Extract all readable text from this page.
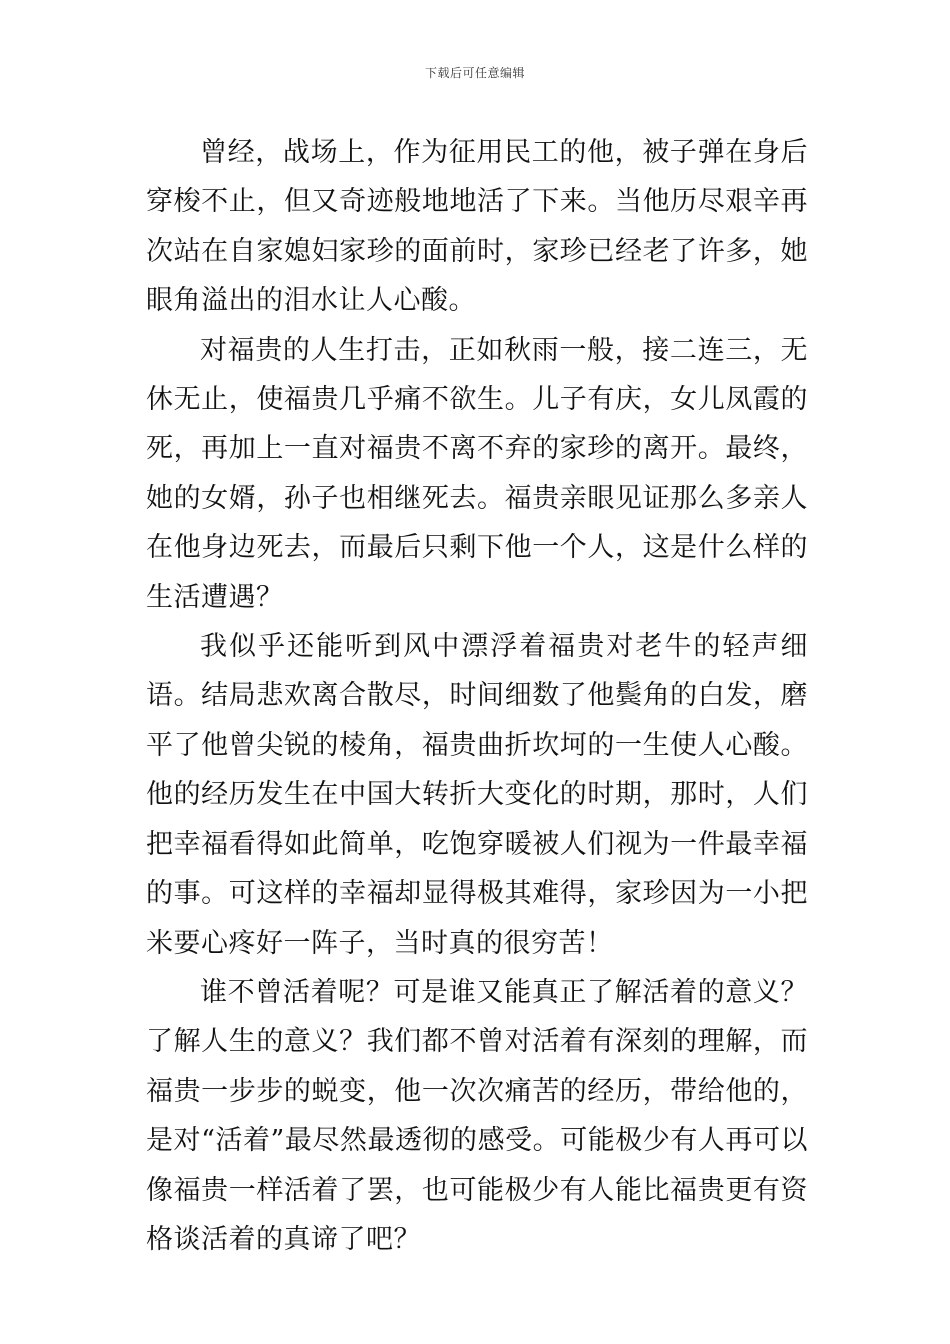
下载后可任意编辑

曾经，战场上，作为征用民工的他，被子弹在身后穿梭不止，但又奇迹般地地活了下来。当他历尽艰辛再次站在自家媳妇家珍的面前时，家珍已经老了许多，她眼角溢出的泪水让人心酸。

对福贵的人生打击，正如秋雨一般，接二连三，无休无止，使福贵几乎痛不欲生。儿子有庆，女儿凤霞的死，再加上一直对福贵不离不弃的家珍的离开。最终，她的女婿，孙子也相继死去。福贵亲眼见证那么多亲人在他身边死去，而最后只剩下他一个人，这是什么样的生活遭遇？

我似乎还能听到风中漂浮着福贵对老牛的轻声细语。结局悲欢离合散尽，时间细数了他鬓角的白发，磨平了他曾尖锐的棱角，福贵曲折坎坷的一生使人心酸。他的经历发生在中国大转折大变化的时期，那时，人们把幸福看得如此简单，吃饱穿暖被人们视为一件最幸福的事。可这样的幸福却显得极其难得，家珍因为一小把米要心疼好一阵子，当时真的很穷苦！

谁不曾活着呢？可是谁又能真正了解活着的意义？了解人生的意义？我们都不曾对活着有深刻的理解，而福贵一步步的蜕变，他一次次痛苦的经历，带给他的，是对“活着”最尽然最透彻的感受。可能极少有人再可以像福贵一样活着了罢，也可能极少有人能比福贵更有资格谈活着的真谛了吧？
